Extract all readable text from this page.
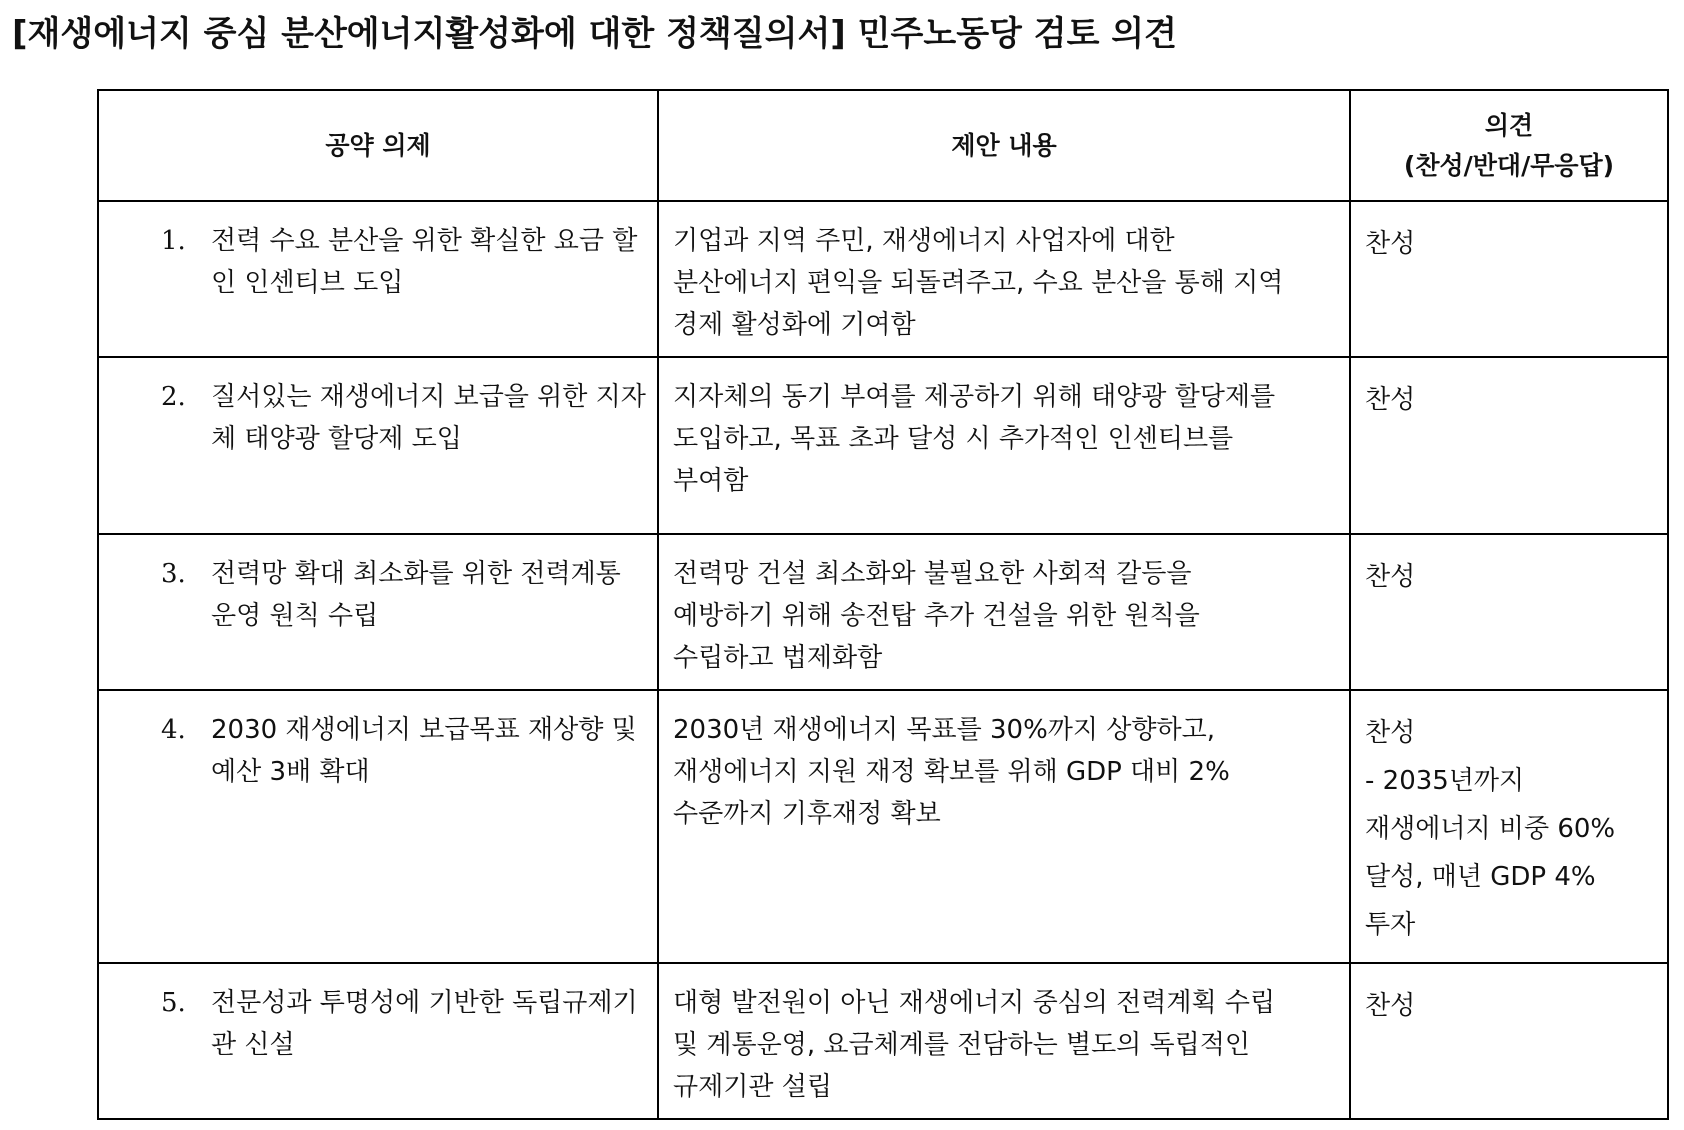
[재생에너지 중심 분산에너지활성화에 대한 정책질의서] 민주노동당 검토 의견
공약 의제	제안 내용	의견
(찬성/반대/무응답)

1. 전력 수요 분산을 위한 확실한 요금 할인 인센티브 도입	기업과 지역 주민, 재생에너지 사업자에 대한
분산에너지 편익을 되돌려주고, 수요 분산을 통해 지역
경제 활성화에 기여함	찬성

2. 질서있는 재생에너지 보급을 위한 지자체 태양광 할당제 도입	지자체의 동기 부여를 제공하기 위해 태양광 할당제를
도입하고, 목표 초과 달성 시 추가적인 인센티브를
부여함	찬성

3. 전력망 확대 최소화를 위한 전력계통 운영 원칙 수립	전력망 건설 최소화와 불필요한 사회적 갈등을
예방하기 위해 송전탑 추가 건설을 위한 원칙을
수립하고 법제화함	찬성

4. 2030 재생에너지 보급목표 재상향 및 예산 3배 확대	2030년 재생에너지 목표를 30%까지 상향하고,
재생에너지 지원 재정 확보를 위해 GDP 대비 2%
수준까지 기후재정 확보	찬성
- 2035년까지
재생에너지 비중 60%
달성, 매년 GDP 4%
투자

5. 전문성과 투명성에 기반한 독립규제기관 신설	대형 발전원이 아닌 재생에너지 중심의 전력계획 수립
및 계통운영, 요금체계를 전담하는 별도의 독립적인
규제기관 설립	찬성
